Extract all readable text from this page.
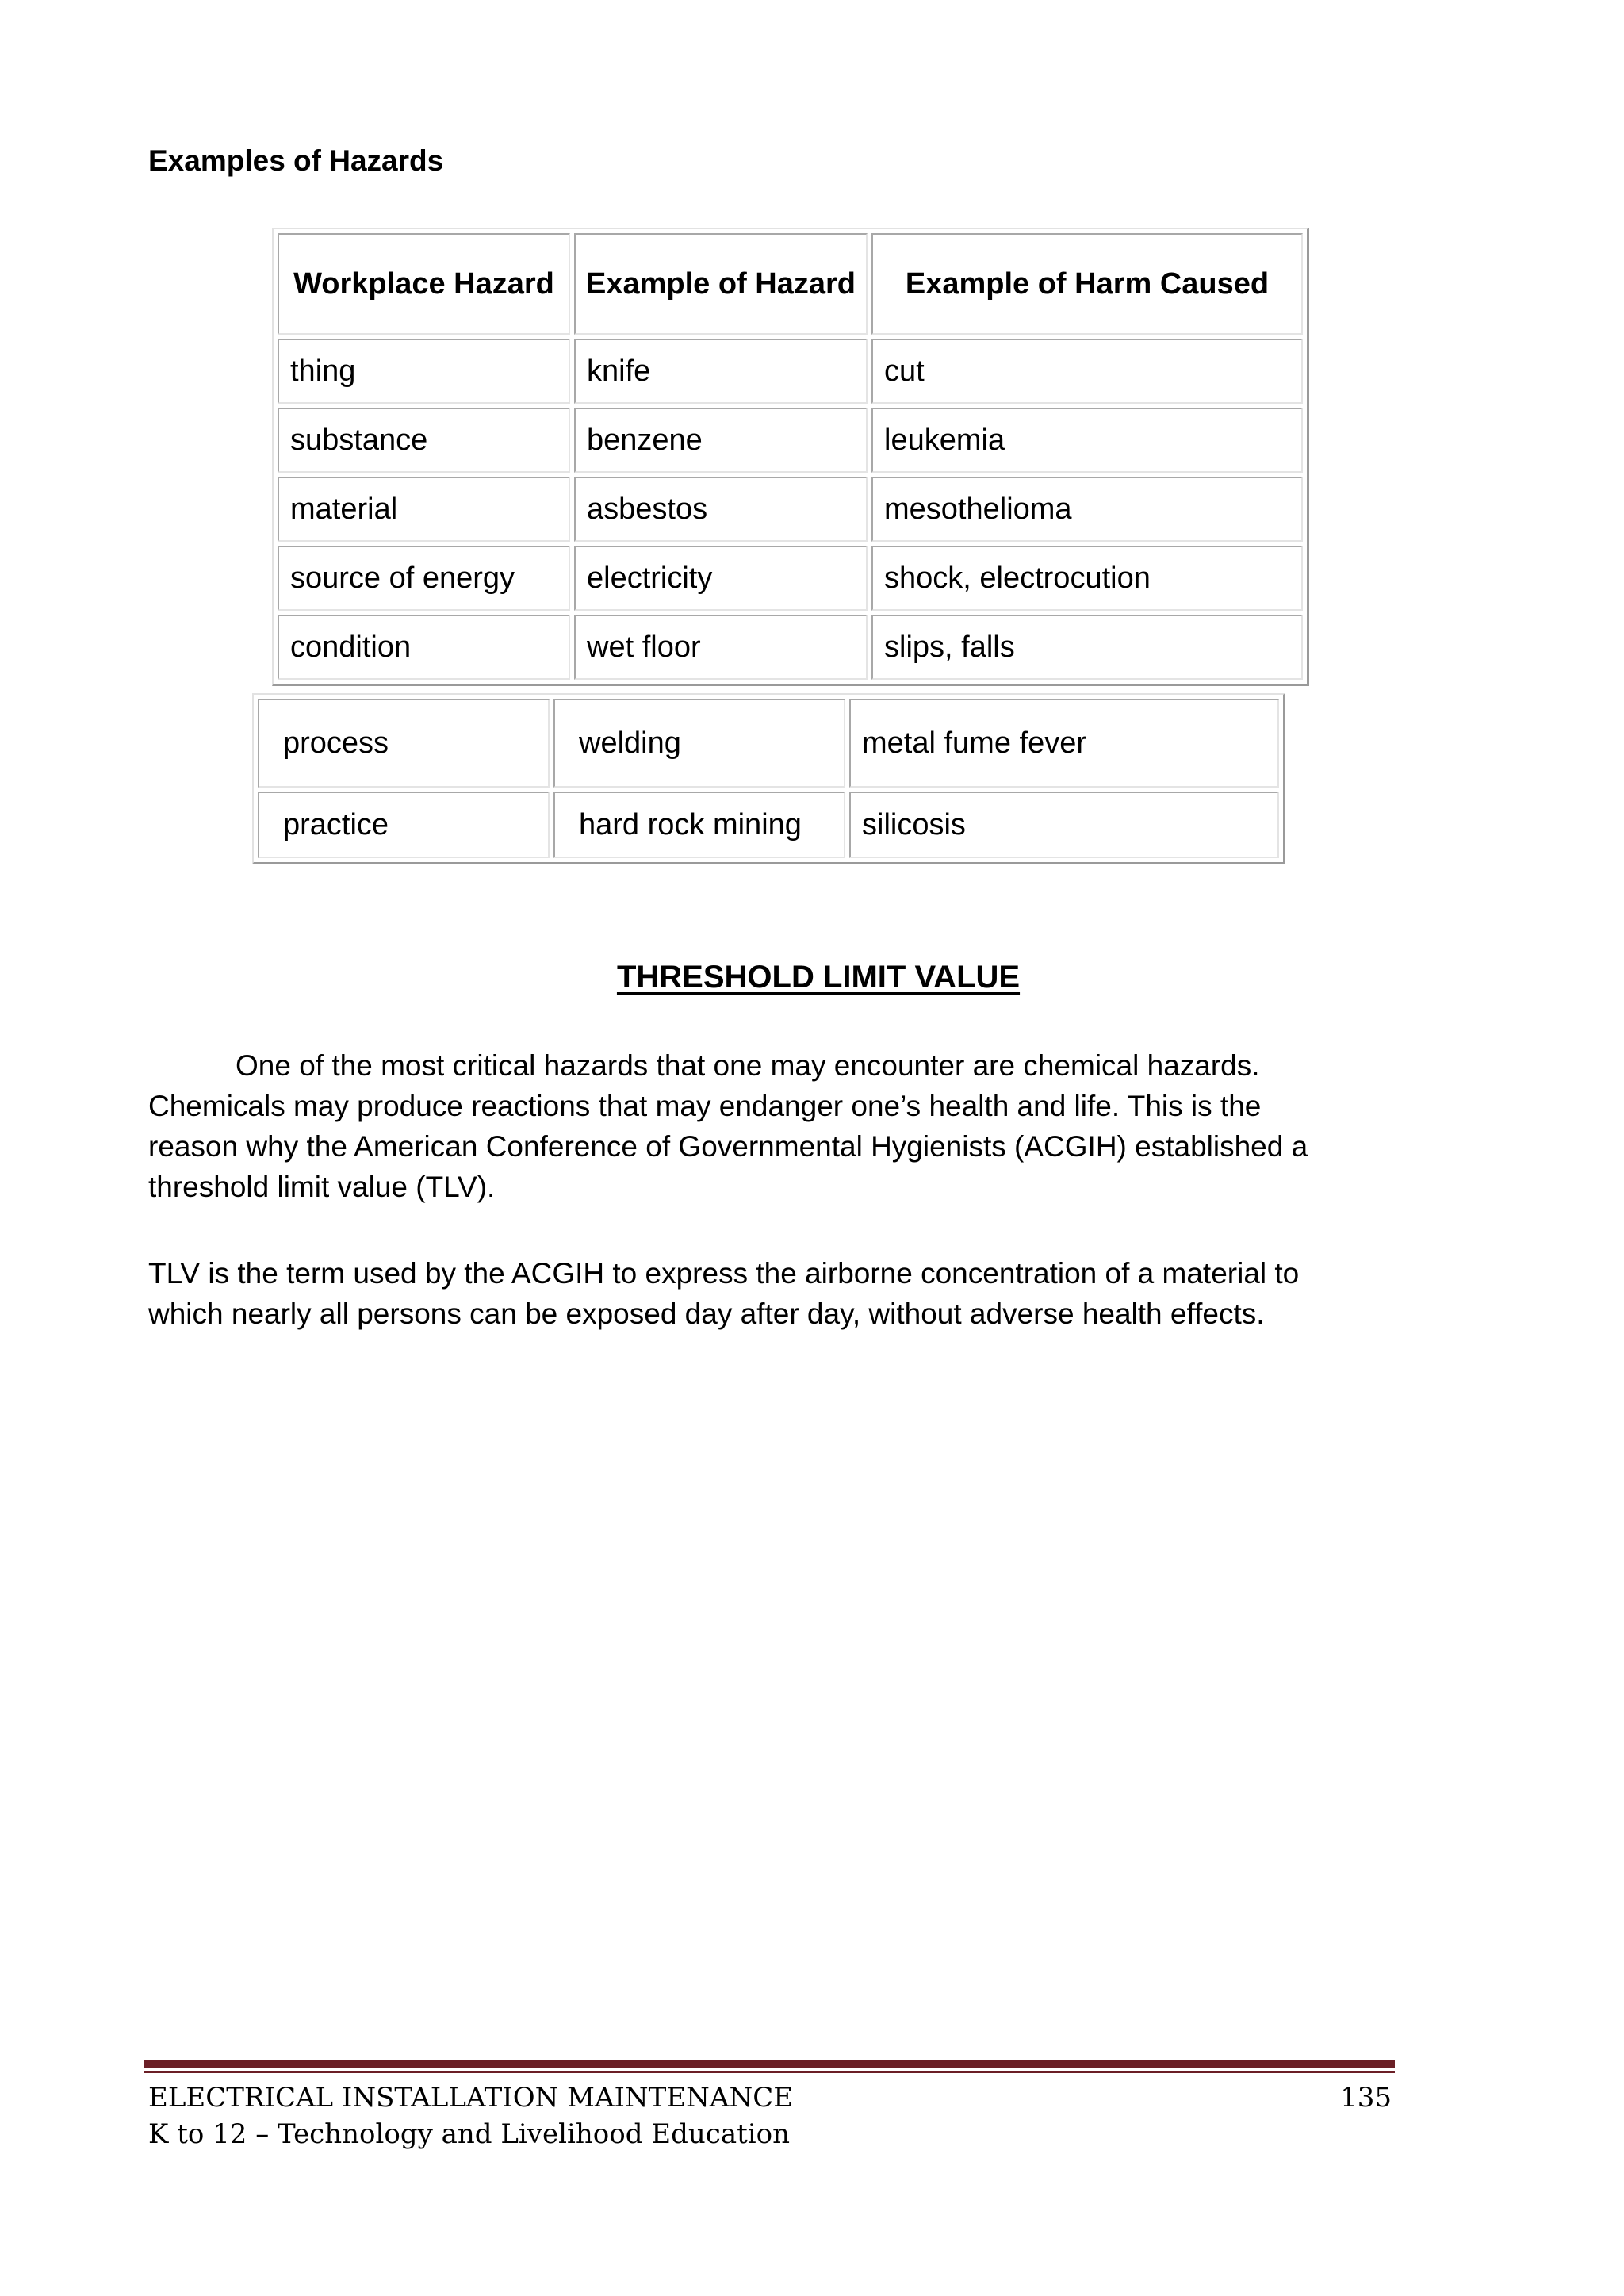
Examples of Hazards
Workplace Hazard	Example of Hazard	Example of Harm Caused
thing	knife	cut
substance	benzene	leukemia
material	asbestos	mesothelioma
source of energy	electricity	shock, electrocution
condition	wet floor	slips, falls
process	welding	metal fume fever
practice	hard rock mining	silicosis
THRESHOLD LIMIT VALUE

One of the most critical hazards that one may encounter are chemical hazards.
Chemicals may produce reactions that may endanger one’s health and life. This is the
reason why the American Conference of Governmental Hygienists (ACGIH) established a
threshold limit value (TLV).

TLV is the term used by the ACGIH to express the airborne concentration of a material to
which nearly all persons can be exposed day after day, without adverse health effects.

ELECTRICAL INSTALLATION MAINTENANCE	135
K to 12 – Technology and Livelihood Education
